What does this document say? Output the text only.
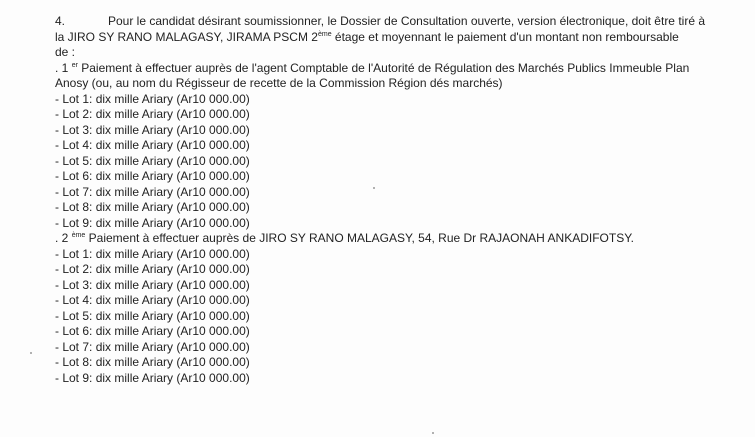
4.	Pour le candidat désirant soumissionner, le Dossier de Consultation ouverte, version électronique, doit être tiré à
la JIRO SY RANO MALAGASY, JIRAMA PSCM 2ème étage et moyennant le paiement d'un montant non remboursable
de :
. 1 $^{er}$ Paiement à effectuer auprès de l'agent Comptable de l'Autorité de Régulation des Marchés Publics Immeuble Plan
Anosy (ou, au nom du Régisseur de recette de la Commission Région dés marchés)
- Lot 1: dix mille Ariary (Ar10 000.00)
- Lot 2: dix mille Ariary (Ar10 000.00)
- Lot 3: dix mille Ariary (Ar10 000.00)
- Lot 4: dix mille Ariary (Ar10 000.00)
- Lot 5: dix mille Ariary (Ar10 000.00)
- Lot 6: dix mille Ariary (Ar10 000.00)
- Lot 7: dix mille Ariary (Ar10 000.00)
- Lot 8: dix mille Ariary (Ar10 000.00)
- Lot 9: dix mille Ariary (Ar10 000.00)
. 2 $^{ème}$ Paiement à effectuer auprès de JIRO SY RANO MALAGASY, 54, Rue Dr RAJAONAH ANKADIFOTSY.
- Lot 1: dix mille Ariary (Ar10 000.00)
- Lot 2: dix mille Ariary (Ar10 000.00)
- Lot 3: dix mille Ariary (Ar10 000.00)
- Lot 4: dix mille Ariary (Ar10 000.00)
- Lot 5: dix mille Ariary (Ar10 000.00)
- Lot 6: dix mille Ariary (Ar10 000.00)
- Lot 7: dix mille Ariary (Ar10 000.00)
- Lot 8: dix mille Ariary (Ar10 000.00)
- Lot 9: dix mille Ariary (Ar10 000.00)
